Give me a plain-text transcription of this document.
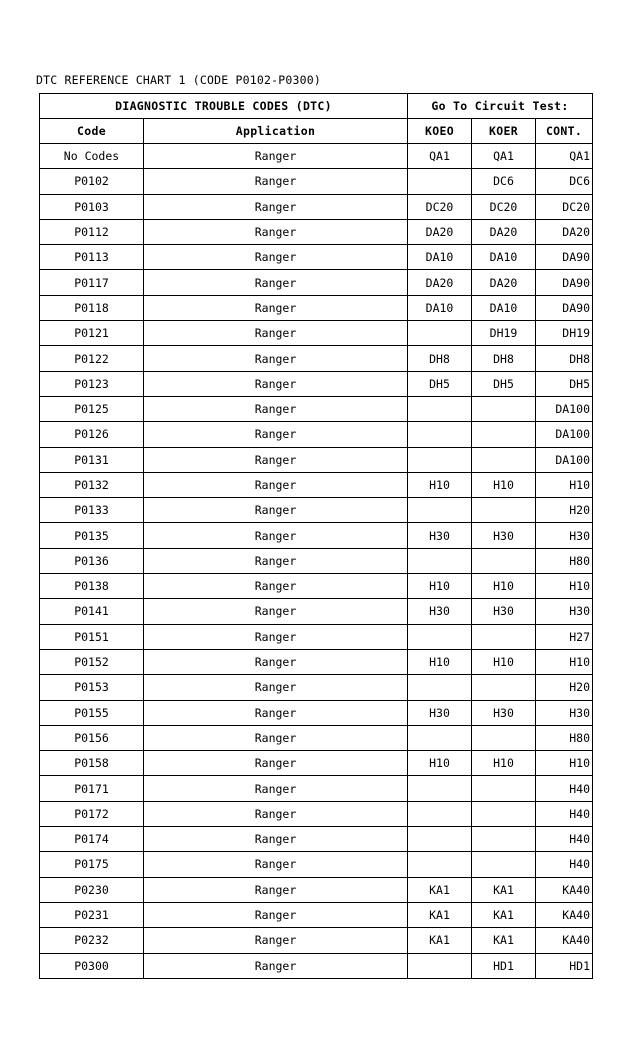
DTC REFERENCE CHART 1 (CODE P0102-P0300)
DIAGNOSTIC TROUBLE CODES (DTC)		Go To Circuit Test:		
Code	Application	KOEO	KOER	CONT.
No Codes	Ranger	QA1	QA1	QA1
P0102	Ranger		DC6	DC6
P0103	Ranger	DC20	DC20	DC20
P0112	Ranger	DA20	DA20	DA20
P0113	Ranger	DA10	DA10	DA90
P0117	Ranger	DA20	DA20	DA90
P0118	Ranger	DA10	DA10	DA90
P0121	Ranger		DH19	DH19
P0122	Ranger	DH8	DH8	DH8
P0123	Ranger	DH5	DH5	DH5
P0125	Ranger			DA100
P0126	Ranger			DA100
P0131	Ranger			DA100
P0132	Ranger	H10	H10	H10
P0133	Ranger			H20
P0135	Ranger	H30	H30	H30
P0136	Ranger			H80
P0138	Ranger	H10	H10	H10
P0141	Ranger	H30	H30	H30
P0151	Ranger			H27
P0152	Ranger	H10	H10	H10
P0153	Ranger			H20
P0155	Ranger	H30	H30	H30
P0156	Ranger			H80
P0158	Ranger	H10	H10	H10
P0171	Ranger			H40
P0172	Ranger			H40
P0174	Ranger			H40
P0175	Ranger			H40
P0230	Ranger	KA1	KA1	KA40
P0231	Ranger	KA1	KA1	KA40
P0232	Ranger	KA1	KA1	KA40
P0300	Ranger		HD1	HD1
